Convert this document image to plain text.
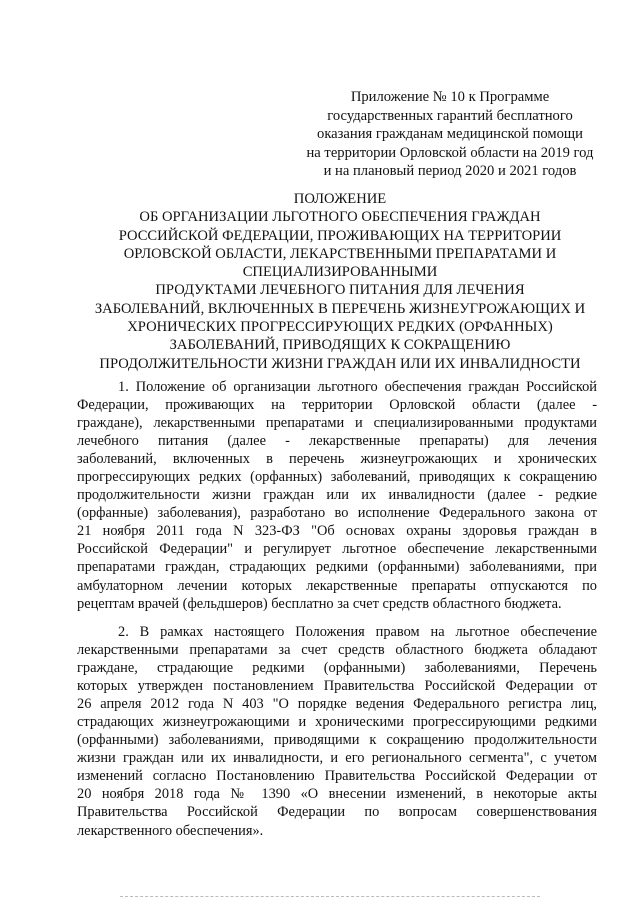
Приложение № 10 к Программе
государственных гарантий бесплатного
оказания гражданам медицинской помощи
на территории Орловской области на 2019 год
и на плановый период 2020 и 2021 годов
ПОЛОЖЕНИЕ
ОБ ОРГАНИЗАЦИИ ЛЬГОТНОГО ОБЕСПЕЧЕНИЯ ГРАЖДАН
РОССИЙСКОЙ ФЕДЕРАЦИИ, ПРОЖИВАЮЩИХ НА ТЕРРИТОРИИ
ОРЛОВСКОЙ ОБЛАСТИ, ЛЕКАРСТВЕННЫМИ ПРЕПАРАТАМИ И
СПЕЦИАЛИЗИРОВАННЫМИ
ПРОДУКТАМИ ЛЕЧЕБНОГО ПИТАНИЯ ДЛЯ ЛЕЧЕНИЯ
ЗАБОЛЕВАНИЙ, ВКЛЮЧЕННЫХ В ПЕРЕЧЕНЬ ЖИЗНЕУГРОЖАЮЩИХ И
ХРОНИЧЕСКИХ ПРОГРЕССИРУЮЩИХ РЕДКИХ (ОРФАННЫХ)
ЗАБОЛЕВАНИЙ, ПРИВОДЯЩИХ К СОКРАЩЕНИЮ
ПРОДОЛЖИТЕЛЬНОСТИ ЖИЗНИ ГРАЖДАН ИЛИ ИХ ИНВАЛИДНОСТИ
1. Положение об организации льготного обеспечения граждан Российской
Федерации, проживающих на территории Орловской области (далее -
граждане), лекарственными препаратами и специализированными продуктами
лечебного питания (далее - лекарственные препараты) для лечения
заболеваний, включенных в перечень жизнеугрожающих и хронических
прогрессирующих редких (орфанных) заболеваний, приводящих к сокращению
продолжительности жизни граждан или их инвалидности (далее - редкие
(орфанные) заболевания), разработано во исполнение Федерального закона от
21 ноября 2011 года N 323-ФЗ "Об основах охраны здоровья граждан в
Российской Федерации" и регулирует льготное обеспечение лекарственными
препаратами граждан, страдающих редкими (орфанными) заболеваниями, при
амбулаторном лечении которых лекарственные препараты отпускаются по
рецептам врачей (фельдшеров) бесплатно за счет средств областного бюджета.
2. В рамках настоящего Положения правом на льготное обеспечение
лекарственными препаратами за счет средств областного бюджета обладают
граждане, страдающие редкими (орфанными) заболеваниями, Перечень
которых утвержден постановлением Правительства Российской Федерации от
26 апреля 2012 года N 403 "О порядке ведения Федерального регистра лиц,
страдающих жизнеугрожающими и хроническими прогрессирующими редкими
(орфанными) заболеваниями, приводящими к сокращению продолжительности
жизни граждан или их инвалидности, и его регионального сегмента", с учетом
изменений согласно Постановлению Правительства Российской Федерации от
20 ноября 2018 года № 1390 «О внесении изменений, в некоторые акты
Правительства Российской Федерации по вопросам совершенствования
лекарственного обеспечения».
